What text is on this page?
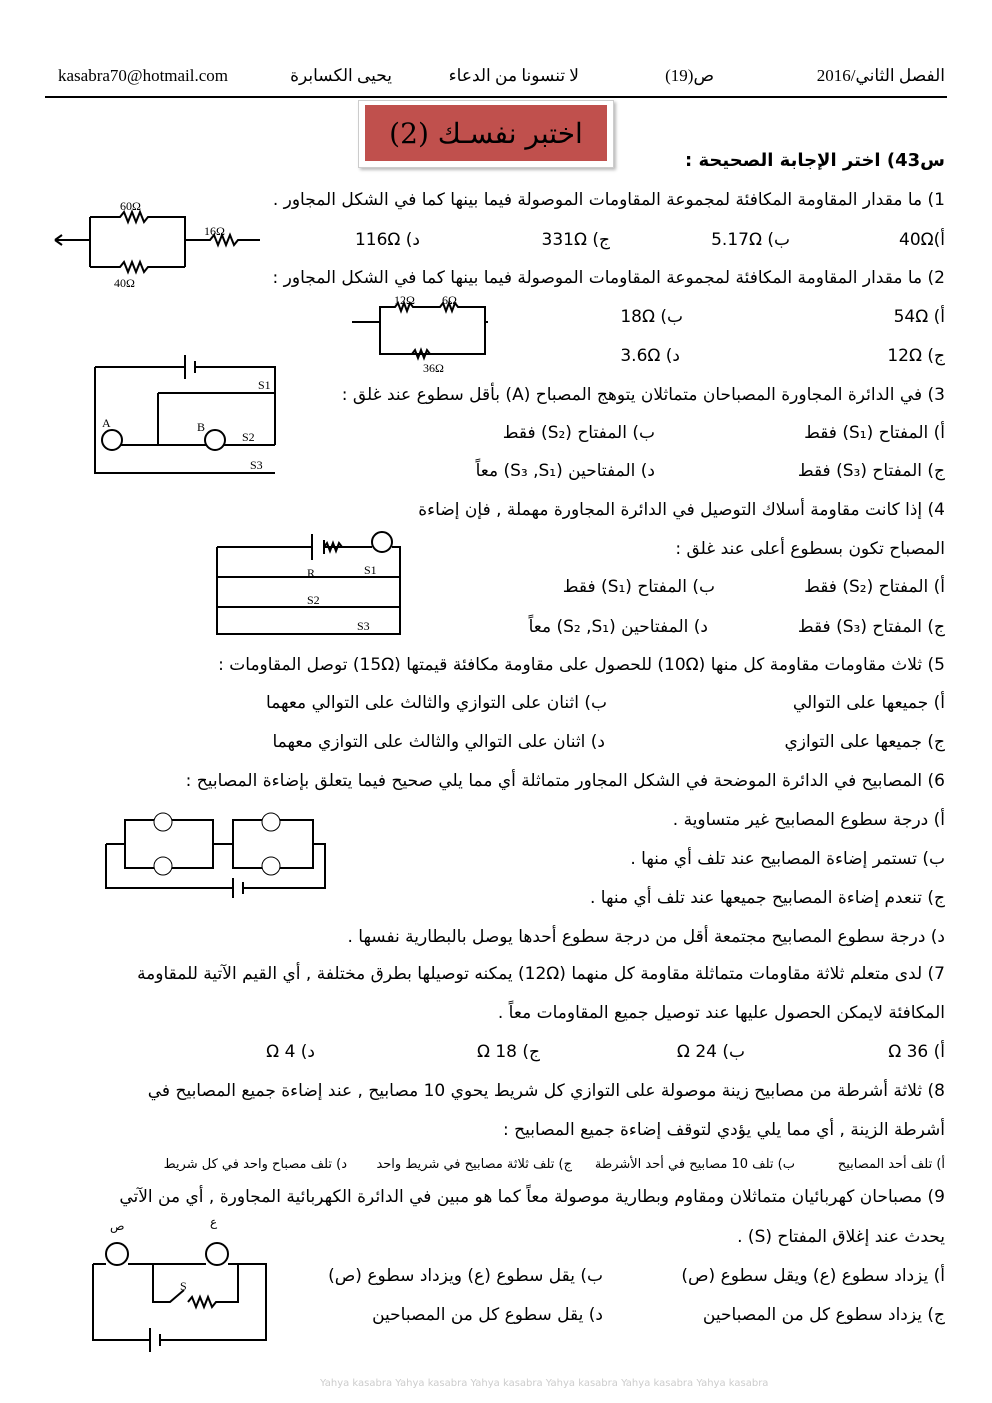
الفصل الثاني/2016
ص(19)
لا تنسونا من الدعاء
يحيى الكسابرة
kasabra70@hotmail.com
اختبر نفسـك (2)
Yahya kasabra Yahya kasabra Yahya kasabra Yahya kasabra Yahya kasabra Yahya kasabra
س43) اختر الإجابة الصحيحة :
1) ما مقدار المقاومة المكافئة لمجموعة المقاومات الموصولة فيما بينها كما في الشكل المجاور .
أ)40Ω
ب) 5.17Ω
ج) 331Ω
د) 116Ω
60Ω
40Ω
16Ω
2) ما مقدار المقاومة المكافئة لمجموعة المقاومات الموصولة فيما بينها كما في الشكل المجاور :
أ) 54Ω
ب) 18Ω
ج) 12Ω
د) 3.6Ω
12Ω 6Ω
36Ω
3) في الدائرة المجاورة المصباحان متماثلان يتوهج المصباح (A) بأقل سطوع عند غلق :
أ) المفتاح (S₁) فقط
ب) المفتاح (S₂) فقط
ج) المفتاح (S₃) فقط
د) المفتاحين (S₃ ,S₁) معاً
A	B
S1
S2
S3
4) إذا كانت مقاومة أسلاك التوصيل في الدائرة المجاورة مهملة , فإن إضاءة
المصباح تكون بسطوع أعلى عند غلق :
أ) المفتاح (S₂) فقط
ب) المفتاح (S₁) فقط
ج) المفتاح (S₃) فقط
د) المفتاحين (S₂ ,S₁) معاً
R	S1
S2
S3
5) ثلاث مقاومات مقاومة كل منها (10Ω) للحصول على مقاومة مكافئة قيمتها (15Ω) توصل المقاومات :
أ) جميعها على التوالي
ب) اثنان على التوازي والثالث على التوالي معهما
ج) جميعها على التوازي
د) اثنان على التوالي والثالث على التوازي معهما
6) المصابيح في الدائرة الموضحة في الشكل المجاور متماثلة أي مما يلي صحيح فيما يتعلق بإضاءة المصابيح :
أ) درجة سطوع المصابيح غير متساوية .
ب) تستمر إضاءة المصابيح عند تلف أي منها .
ج) تنعدم إضاءة المصابيح جميعها عند تلف أي منها .
د) درجة سطوع المصابيح مجتمعة أقل من درجة سطوع أحدها يوصل بالبطارية نفسها .
7) لدى متعلم ثلاثة مقاومات متماثلة مقاومة كل منهما (12Ω) يمكنه توصيلها بطرق مختلفة , أي القيم الآتية للمقاومة
المكافئة لايمكن الحصول عليها عند توصيل جميع المقاومات معاً .
أ) 36 Ω
ب) 24 Ω
ج) 18 Ω
د) 4 Ω
8) ثلاثة أشرطة من مصابيح زينة موصولة على التوازي كل شريط يحوي 10 مصابيح , عند إضاءة جميع المصابيح في
أشرطة الزينة , أي مما يلي يؤدي لتوقف إضاءة جميع المصابيح :
أ) تلف أحد المصابيح
ب) تلف 10 مصابيح في أحد الأشرطة
ج) تلف ثلاثة مصابيح في شريط واحد
د) تلف مصباح واحد في كل شريط
9) مصباحان كهربائيان متماثلان ومقاوم وبطارية موصولة معاً كما هو مبين في الدائرة الكهربائية المجاورة , أي من الآتي
يحدث عند إغلاق المفتاح (S) .
أ) يزداد سطوع (ع) ويقل سطوع (ص)
ب) يقل سطوع (ع) ويزداد سطوع (ص)
ج) يزداد سطوع كل من المصباحين
د) يقل سطوع كل من المصباحين
ص	ع
S
